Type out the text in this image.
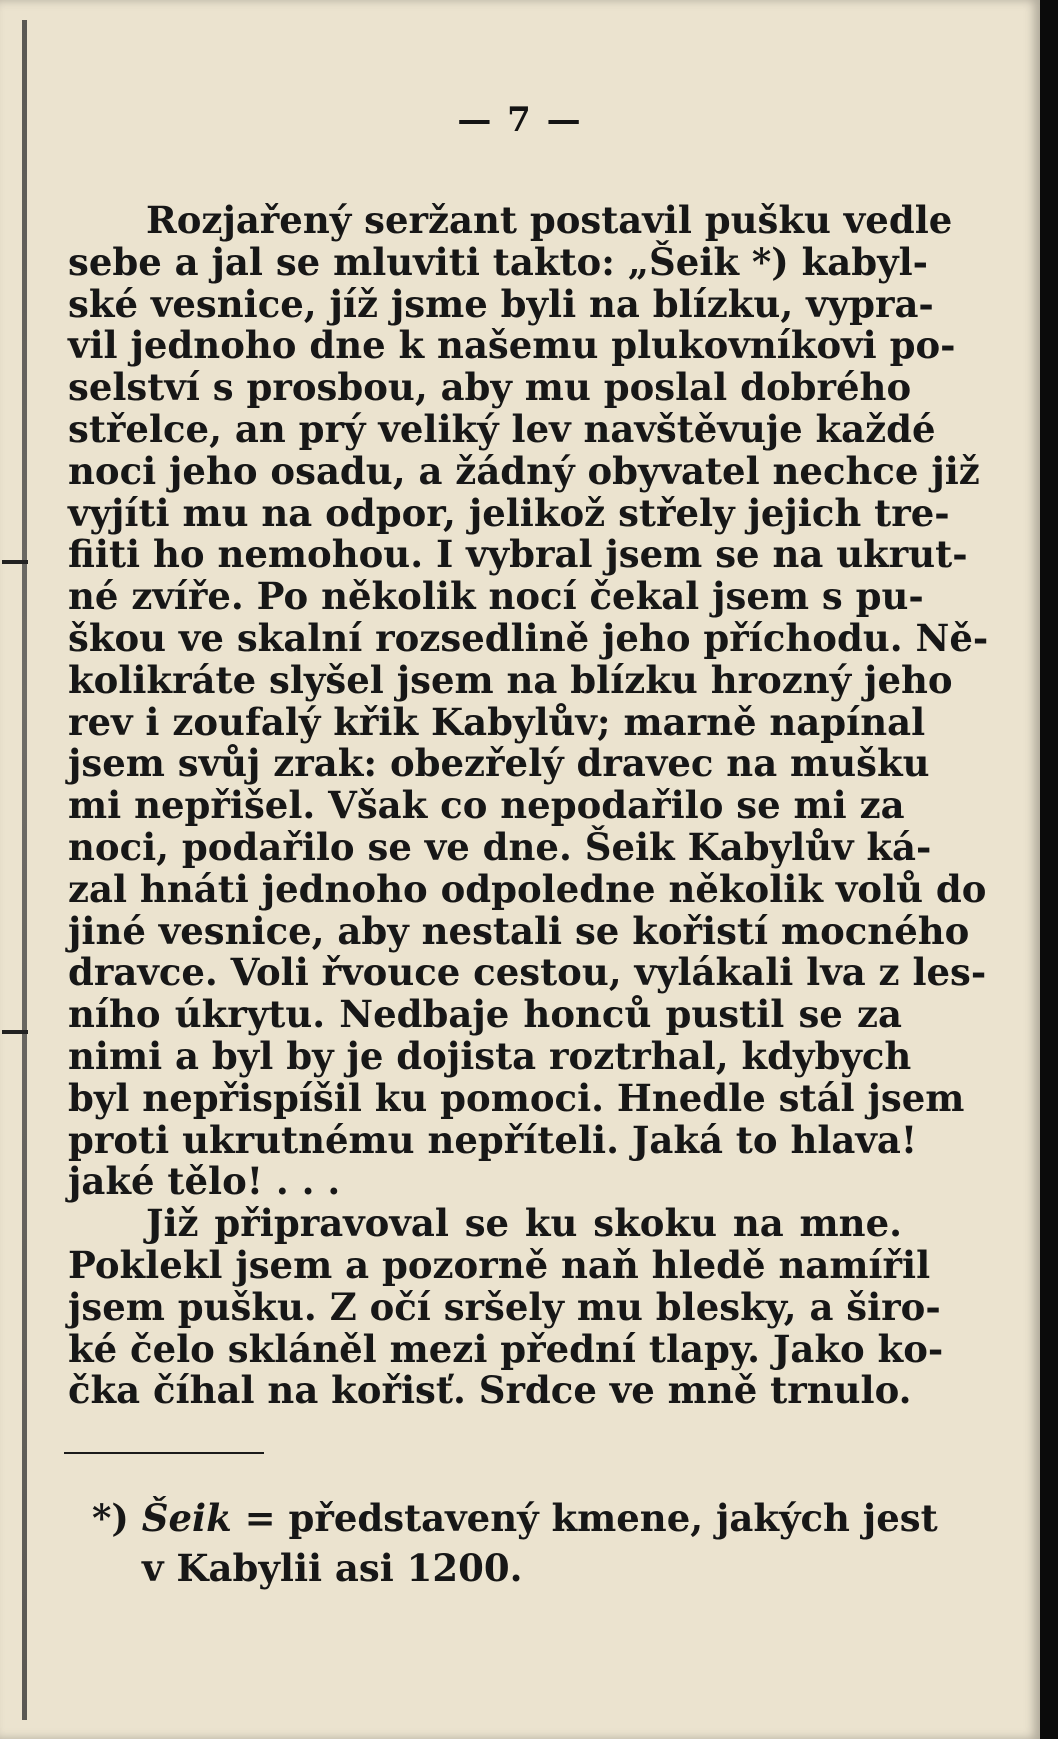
— 7 —
Rozjařený seržant postavil pušku vedle
sebe a jal se mluviti takto: „Šeik *) kabyl-
ské vesnice, jíž jsme byli na blízku, vypra-
vil jednoho dne k našemu plukovníkovi po-
selství s prosbou, aby mu poslal dobrého
střelce, an prý veliký lev navštěvuje každé
noci jeho osadu, a žádný obyvatel nechce již
vyjíti mu na odpor, jelikož střely jejich tre-
fiiti ho nemohou. I vybral jsem se na ukrut-
né zvíře. Po několik nocí čekal jsem s pu-
škou ve skalní rozsedlině jeho příchodu. Ně-
kolikráte slyšel jsem na blízku hrozný jeho
rev i zoufalý křik Kabylův; marně napínal
jsem svůj zrak: obezřelý dravec na mušku
mi nepřišel. Však co nepodařilo se mi za
noci, podařilo se ve dne. Šeik Kabylův ká-
zal hnáti jednoho odpoledne několik volů do
jiné vesnice, aby nestali se kořistí mocného
dravce. Voli řvouce cestou, vylákali lva z les-
ního úkrytu. Nedbaje honců pustil se za
nimi a byl by je dojista roztrhal, kdybych
byl nepřispíšil ku pomoci. Hnedle stál jsem
proti ukrutnému nepříteli. Jaká to hlava!
jaké tělo! . . .
Již připravoval se ku skoku na mne.
Poklekl jsem a pozorně naň hledě namířil
jsem pušku. Z očí sršely mu blesky, a širo-
ké čelo skláněl mezi přední tlapy. Jako ko-
čka číhal na kořisť. Srdce ve mně trnulo.
*) Šeik = představený kmene, jakých jest
v Kabylii asi 1200.
